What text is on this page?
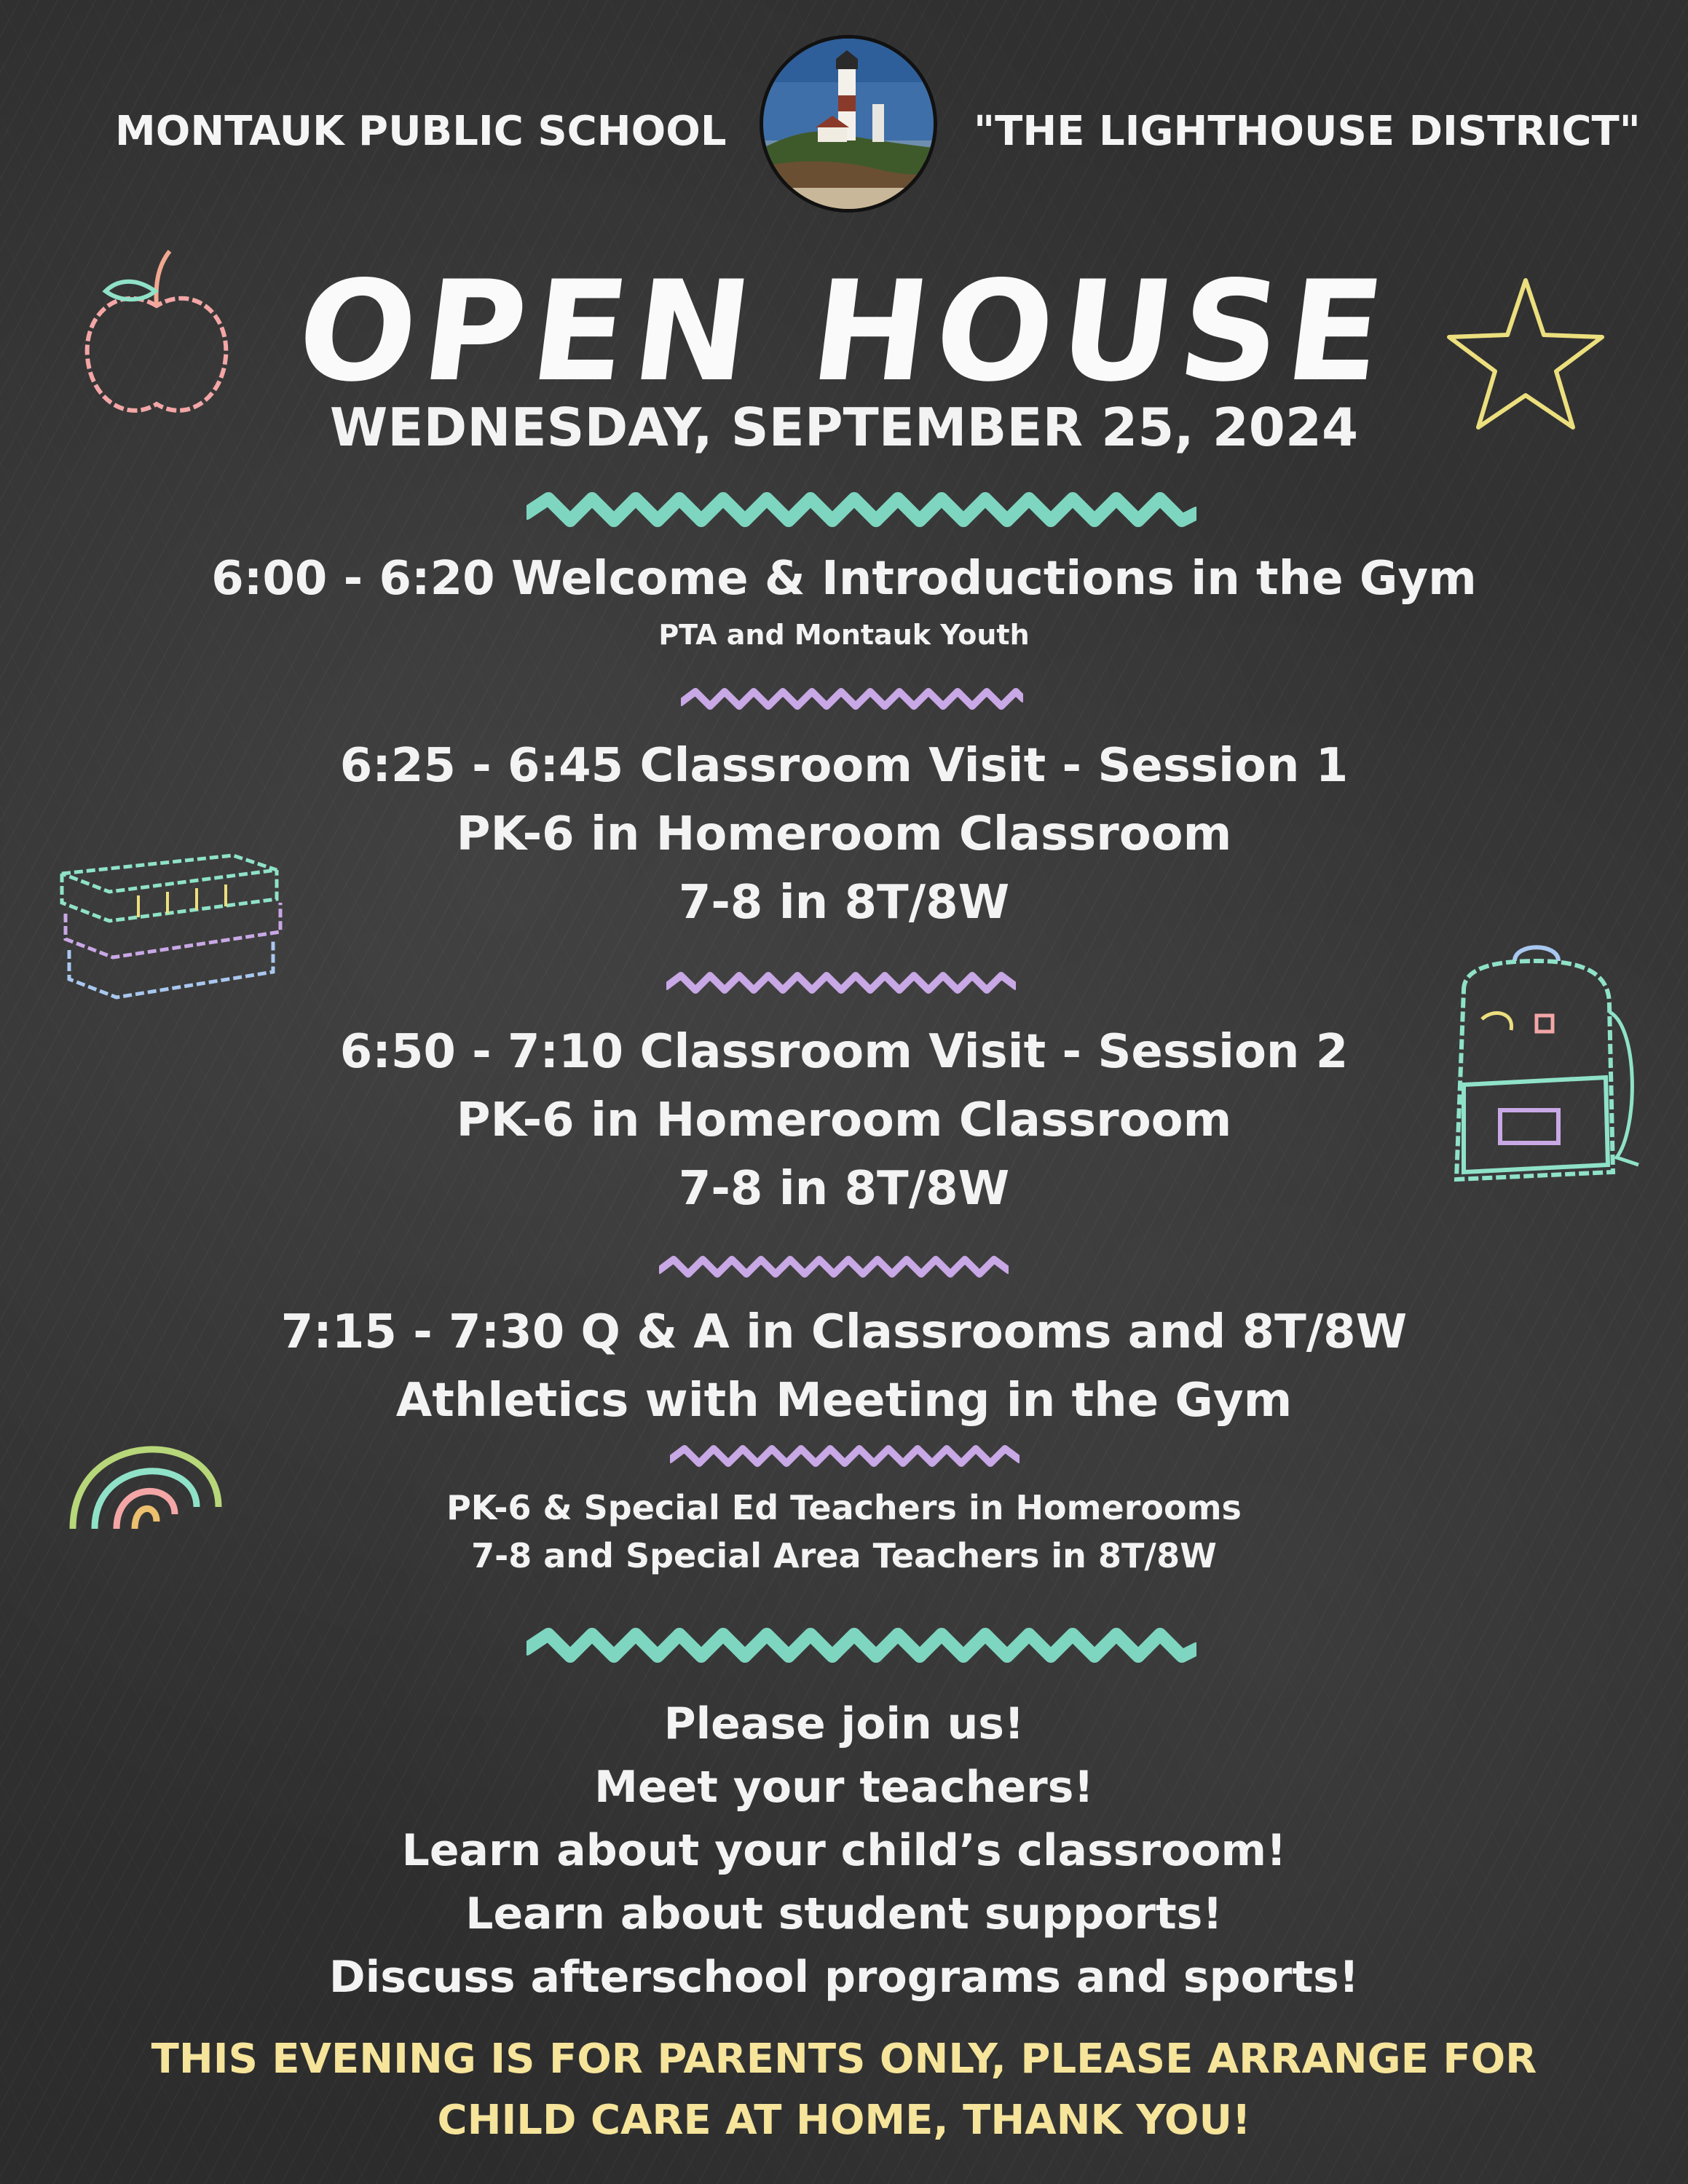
MONTAUK PUBLIC SCHOOL	"THE LIGHTHOUSE DISTRICT"
OPEN HOUSE
WEDNESDAY, SEPTEMBER 25, 2024
6:00 - 6:20 Welcome & Introductions in the Gym
PTA and Montauk Youth
6:25 - 6:45 Classroom Visit - Session 1
PK-6 in Homeroom Classroom
7-8 in 8T/8W
6:50 - 7:10 Classroom Visit - Session 2
PK-6 in Homeroom Classroom
7-8 in 8T/8W
7:15 - 7:30 Q & A in Classrooms and 8T/8W
Athletics with Meeting in the Gym
PK-6 & Special Ed Teachers in Homerooms
7-8 and Special Area Teachers in 8T/8W
Please join us!
Meet your teachers!
Learn about your child’s classroom!
Learn about student supports!
Discuss afterschool programs and sports!
THIS EVENING IS FOR PARENTS ONLY, PLEASE ARRANGE FOR
CHILD CARE AT HOME, THANK YOU!
